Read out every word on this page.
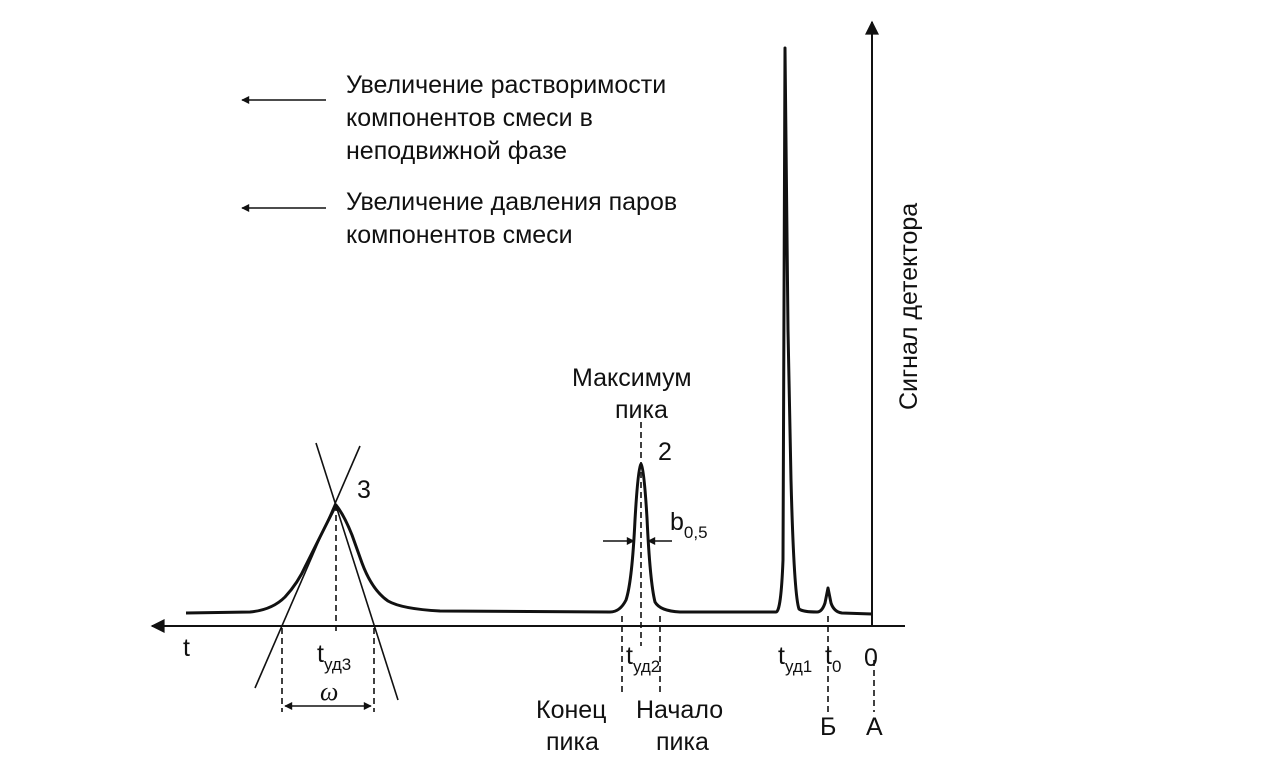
Увеличение растворимости
компонентов смеси в
неподвижной фазе
Увеличение давления паров
компонентов смеси	Сигнал детектора
t	0
А
Б
3
2
Максимум
пика
$b_{0,5}$
ω
$t_{уд3}$	$t_{уд2}$	$t_{уд1}$ $t_0$
Конец
пика
Начало
пика
